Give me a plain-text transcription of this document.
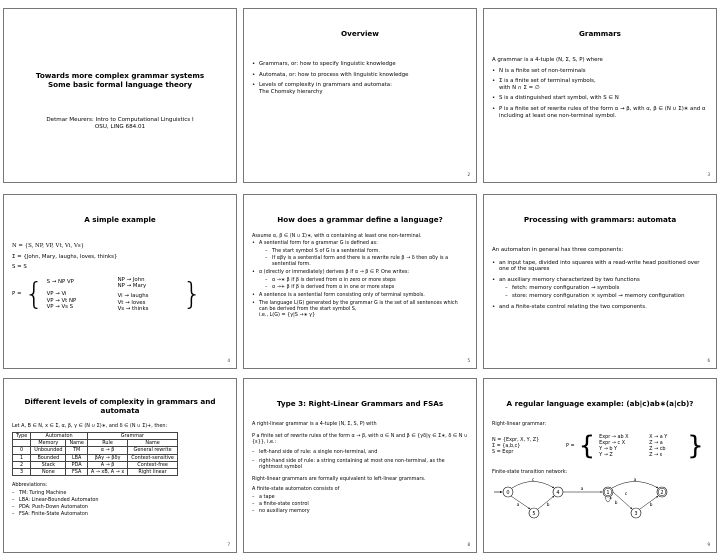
Towards more complex grammar systems
Some basic formal language theory
Detmar Meurers: Intro to Computational Linguistics I
OSU, LING 684.01
Overview
• Grammars, or: how to specify linguistic knowledge
• Automata, or: how to process with linguistic knowledge
• Levels of complexity in grammars and automata:
The Chomsky hierarchy
2
Grammars

A grammar is a 4-tuple (N, Σ, S, P) where

• N is a finite set of non-terminals
• Σ is a finite set of terminal symbols,
with N ∩ Σ = ∅
• S is a distinguished start symbol, with S ∈ N
• P is a finite set of rewrite rules of the form α → β, with α, β ∈ (N ∪ Σ)∗ and α including at least one non-terminal symbol.
3
A simple example

N = {S, NP, VP, Vt, Vi, Vs}

Σ = {John, Mary, laughs, loves, thinks}

S = S

P = { S → NP VP
VP → Vi
VP → Vt NP
VP → Vs S
NP → John
NP → Mary
Vi → laughs
Vt → loves
Vs → thinks	}
4
How does a grammar define a language?

Assume α, β ∈ (N ∪ Σ)∗, with α containing at least one non-terminal.

• A sentential form for a grammar G is defined as:
– The start symbol S of G is a sentential form.
– If αβγ is a sentential form and there is a rewrite rule β → δ then αδγ is a sentential form.
• α (directly or immediately) derives β if α → β ∈ P. One writes:
– α →∗ β if β is derived from α in zero or more steps
– α →+ β if β is derived from α in one or more steps
• A sentence is a sentential form consisting only of terminal symbols.
• The language L(G) generated by the grammar G is the set of all sentences which can be derived from the start symbol S,
i.e., L(G) = {γ|S →∗ γ}
5
Processing with grammars: automata

An automaton in general has three components:

• an input tape, divided into squares with a read-write head positioned over one of the squares
• an auxiliary memory characterized by two functions
– fetch: memory configuration → symbols
– store: memory configuration × symbol → memory configuration
• and a finite-state control relating the two components.
6
Different levels of complexity in grammars and automata

Let A, B ∈ N, x ∈ Σ, α, β, γ ∈ (N ∪ Σ)∗, and δ ∈ (N ∪ Σ)+, then:

Type	Automaton		Grammar	
	Memory	Name	Rule	Name
0	Unbounded	TM	α → β	General rewrite
1	Bounded	LBA	βAγ → βδγ	Context-sensitive
2	Stack	PDA	A → β	Context-free
3	None	FSA	A → xB, A → x	Right linear

Abbreviations:

– TM: Turing Machine
– LBA: Linear-Bounded Automaton
– PDA: Push-Down Automaton
– FSA: Finite-State Automaton
7
Type 3: Right-Linear Grammars and FSAs

A right-linear grammar is a 4-tuple (N, Σ, S, P) with

P a finite set of rewrite rules of the form α → β, with α ∈ N and β ∈ {γδ|γ ∈ Σ∗, δ ∈ N ∪ {ε}}, i.e.:

– left-hand side of rule: a single non-terminal, and
– right-hand side of rule: a string containing at most one non-terminal, as the rightmost symbol

Right-linear grammars are formally equivalent to left-linear grammars.

A finite-state automaton consists of

– a tape
– a finite-state control
– no auxiliary memory
8
A regular language example: (ab|c)ab∗(a|cb)?

Right-linear grammar:

N = {Expr, X, Y, Z}
Σ = {a,b,c}
S = Expr
P = { Expr → ab X
Expr → c X
Y → b Y
Y → Z
X → a Y
Z → a
Z → cb
Z → ε }

Finite-state transition network:

0	4	1	2
5	3
c
a	b
a
a
b
c
b
9
